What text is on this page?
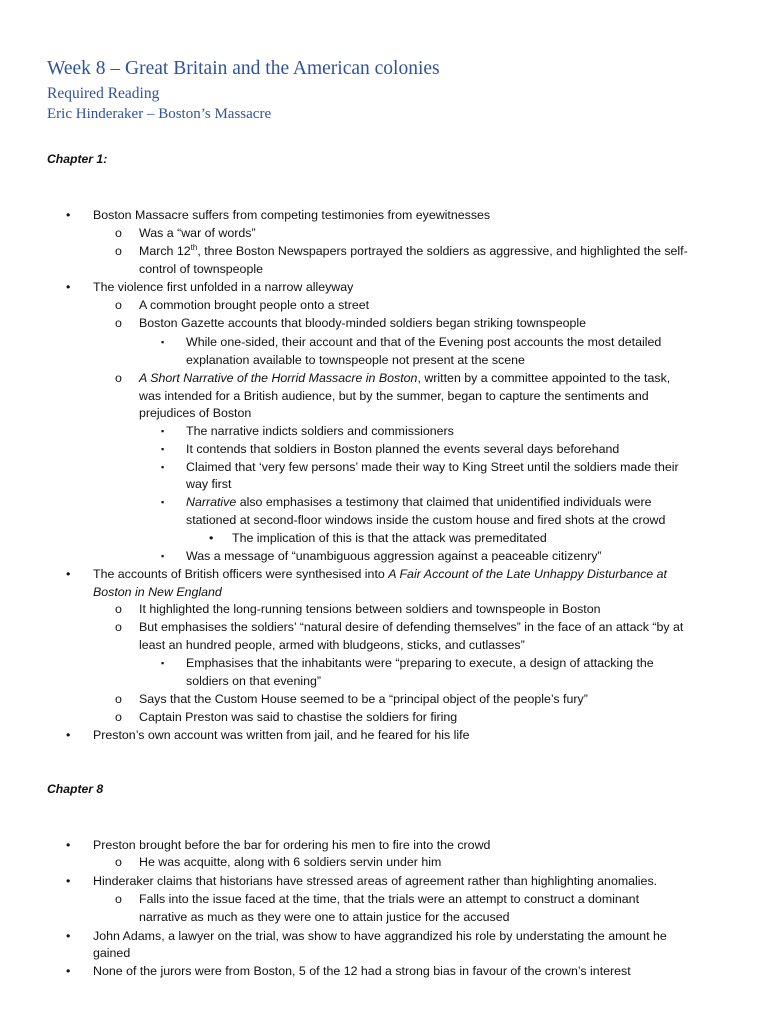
Week 8 – Great Britain and the American colonies
Required Reading
Eric Hinderaker – Boston’s Massacre
Chapter 1:
• Boston Massacre suffers from competing testimonies from eyewitnesses
o Was a “war of words”
o March 12th, three Boston Newspapers portrayed the soldiers as aggressive, and highlighted the self-
control of townspeople
• The violence first unfolded in a narrow alleyway
o A commotion brought people onto a street
o Boston Gazette accounts that bloody-minded soldiers began striking townspeople
▪ While one-sided, their account and that of the Evening post accounts the most detailed
explanation available to townspeople not present at the scene
o A Short Narrative of the Horrid Massacre in Boston, written by a committee appointed to the task,
was intended for a British audience, but by the summer, began to capture the sentiments and
prejudices of Boston
▪ The narrative indicts soldiers and commissioners
▪ It contends that soldiers in Boston planned the events several days beforehand
▪ Claimed that ‘very few persons’ made their way to King Street until the soldiers made their
way first
▪ Narrative also emphasises a testimony that claimed that unidentified individuals were
stationed at second-floor windows inside the custom house and fired shots at the crowd
• The implication of this is that the attack was premeditated
▪ Was a message of “unambiguous aggression against a peaceable citizenry”
• The accounts of British officers were synthesised into A Fair Account of the Late Unhappy Disturbance at
Boston in New England
o It highlighted the long-running tensions between soldiers and townspeople in Boston
o But emphasises the soldiers’ “natural desire of defending themselves” in the face of an attack “by at
least an hundred people, armed with bludgeons, sticks, and cutlasses”
▪ Emphasises that the inhabitants were “preparing to execute, a design of attacking the
soldiers on that evening”
o Says that the Custom House seemed to be a “principal object of the people’s fury”
o Captain Preston was said to chastise the soldiers for firing
• Preston’s own account was written from jail, and he feared for his life
Chapter 8
• Preston brought before the bar for ordering his men to fire into the crowd
o He was acquitte, along with 6 soldiers servin under him
• Hinderaker claims that historians have stressed areas of agreement rather than highlighting anomalies.
o Falls into the issue faced at the time, that the trials were an attempt to construct a dominant
narrative as much as they were one to attain justice for the accused
• John Adams, a lawyer on the trial, was show to have aggrandized his role by understating the amount he
gained
• None of the jurors were from Boston, 5 of the 12 had a strong bias in favour of the crown’s interest
